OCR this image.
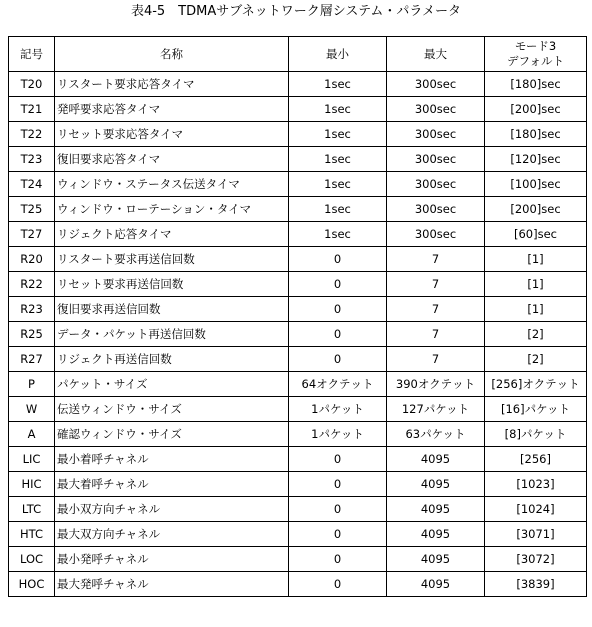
表4-5　TDMAサブネットワーク層システム・パラメータ
記号	名称	最小	最大	モード3
デフォルト

T20	リスタート要求応答タイマ	1sec	300sec	[180]sec
T21	発呼要求応答タイマ	1sec	300sec	[200]sec
T22	リセット要求応答タイマ	1sec	300sec	[180]sec
T23	復旧要求応答タイマ	1sec	300sec	[120]sec
T24	ウィンドウ・ステータス伝送タイマ	1sec	300sec	[100]sec
T25	ウィンドウ・ローテーション・タイマ	1sec	300sec	[200]sec
T27	リジェクト応答タイマ	1sec	300sec	[60]sec
R20	リスタート要求再送信回数	0	7	[1]
R22	リセット要求再送信回数	0	7	[1]
R23	復旧要求再送信回数	0	7	[1]
R25	データ・パケット再送信回数	0	7	[2]
R27	リジェクト再送信回数	0	7	[2]
P	パケット・サイズ	64オクテット	390オクテット	[256]オクテット
W	伝送ウィンドウ・サイズ	1パケット	127パケット	[16]パケット
A	確認ウィンドウ・サイズ	1パケット	63パケット	[8]パケット
LIC	最小着呼チャネル	0	4095	[256]
HIC	最大着呼チャネル	0	4095	[1023]
LTC	最小双方向チャネル	0	4095	[1024]
HTC	最大双方向チャネル	0	4095	[3071]
LOC	最小発呼チャネル	0	4095	[3072]
HOC	最大発呼チャネル	0	4095	[3839]
